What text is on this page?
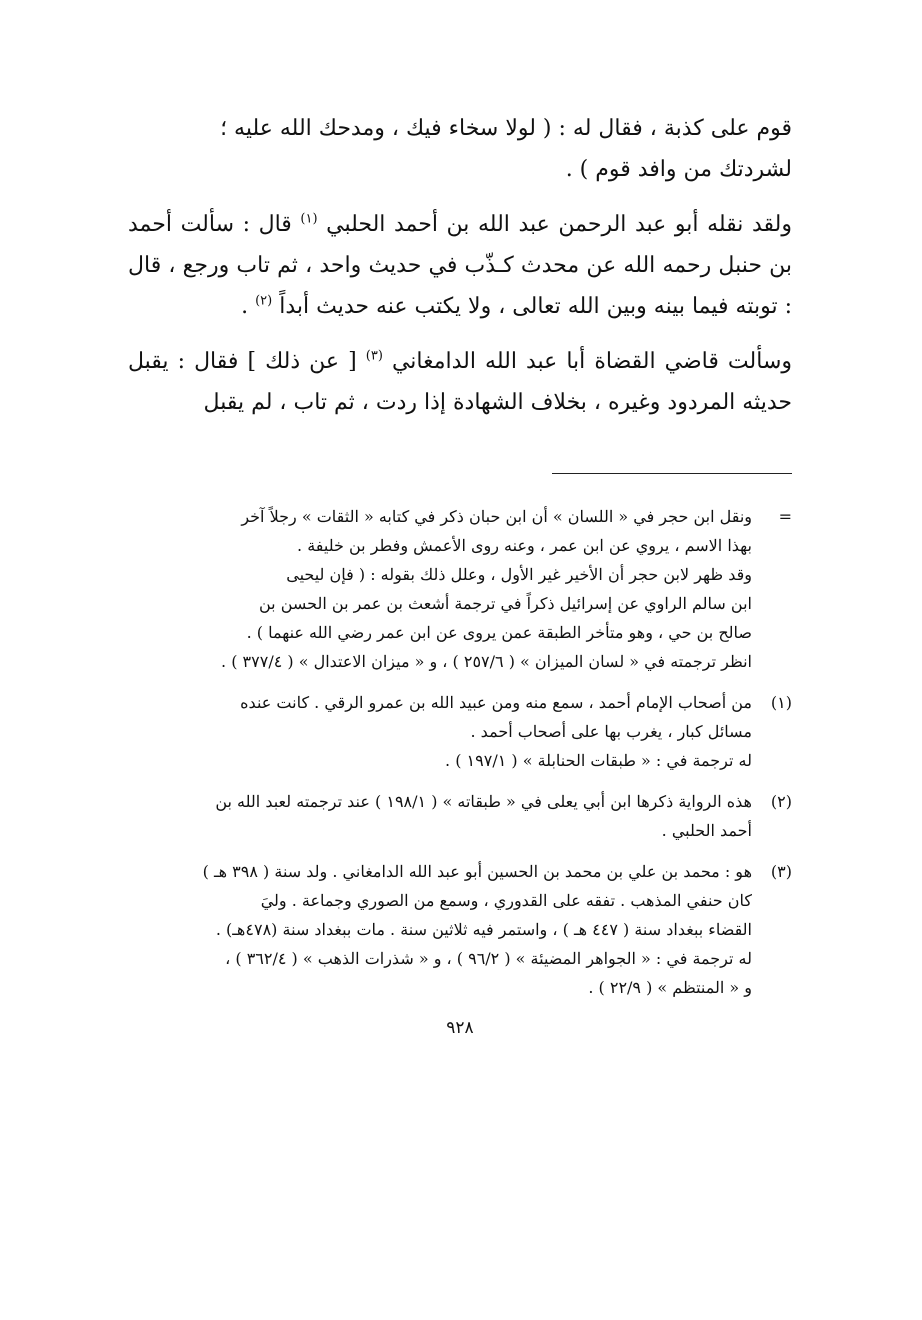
قوم على كذبة ، فقال له : ( لولا سخاء فيك ، ومدحك الله عليه ؛
لشردتك من وافد قوم ) .

ولقد نقله أبو عبد الرحمن عبد الله بن أحمد الحلبي $^{(١)}$ قال : سألت أحمد بن حنبل رحمه الله عن محدث كـذّب في حديث واحد ، ثم تاب ورجع ، قال : توبته فيما بينه وبين الله تعالى ، ولا يكتب عنه حديث أبداً $^{(٢)}$ .

وسألت قاضي القضاة أبا عبد الله الدامغاني $^{(٣)}$ [ عن ذلك ] فقال : يقبل حديثه المردود وغيره ، بخلاف الشهادة إذا ردت ، ثم تاب ، لم يقبل

=
ونقل ابن حجر في « اللسان » أن ابن حبان ذكر في كتابه « الثقات » رجلاً آخر
بهذا الاسم ، يروي عن ابن عمر ، وعنه روى الأعمش وفطر بن خليفة .
وقد ظهر لابن حجر أن الأخير غير الأول ، وعلل ذلك بقوله : ( فإن ليحيى
ابن سالم الراوي عن إسرائيل ذكراً في ترجمة أشعث بن عمر بن الحسن بن
صالح بن حي ، وهو متأخر الطبقة عمن يروى عن ابن عمر رضي الله عنهما ) .
انظر ترجمته في « لسان الميزان » ( ٢٥٧/٦ ) ، و « ميزان الاعتدال » ( ٣٧٧/٤ ) .
(١)
من أصحاب الإمام أحمد ، سمع منه ومن عبيد الله بن عمرو الرقي . كانت عنده
مسائل كبار ، يغرب بها على أصحاب أحمد .
له ترجمة في : « طبقات الحنابلة » ( ١٩٧/١ ) .
(٢)
هذه الرواية ذكرها ابن أبي يعلى في « طبقاته » ( ١٩٨/١ ) عند ترجمته لعبد الله بن
أحمد الحلبي .
(٣)
هو : محمد بن علي بن محمد بن الحسين أبو عبد الله الدامغاني . ولد سنة ( ٣٩٨ هـ )
كان حنفي المذهب . تفقه على القدوري ، وسمع من الصوري وجماعة . وليَ
القضاء ببغداد سنة ( ٤٤٧ هـ ) ، واستمر فيه ثلاثين سنة . مات ببغداد سنة (٤٧٨هـ) .
له ترجمة في : « الجواهر المضيئة » ( ٩٦/٢ ) ، و « شذرات الذهب » ( ٣٦٢/٤ ) ،
و « المنتظم » ( ٢٢/٩ ) .
٩٢٨
